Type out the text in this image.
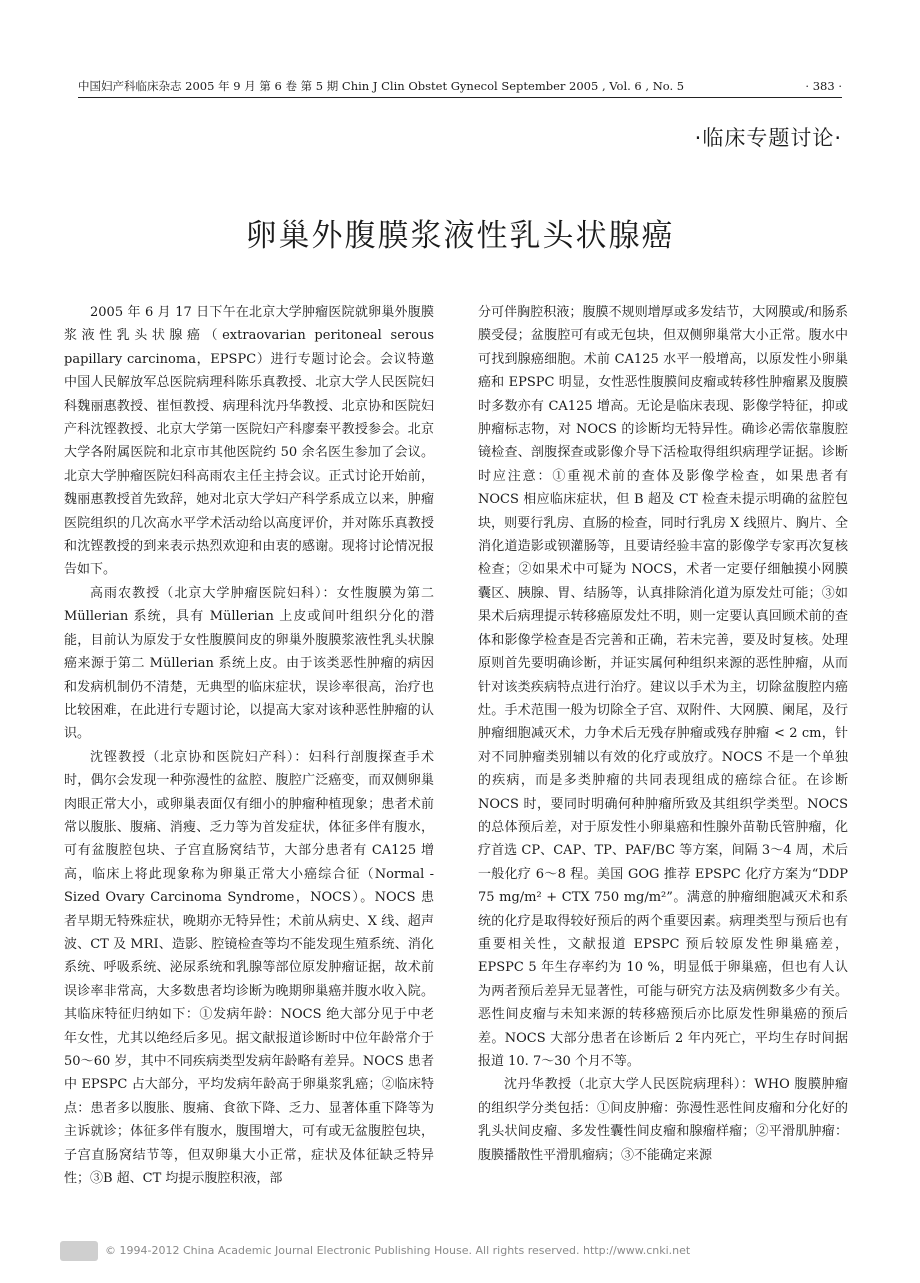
中国妇产科临床杂志 2005 年 9 月 第 6 卷 第 5 期 Chin J Clin Obstet Gynecol September 2005 , Vol. 6 , No. 5	· 383 ·

·临床专题讨论·
卵巢外腹膜浆液性乳头状腺癌

2005 年 6 月 17 日下午在北京大学肿瘤医院就卵巢外腹膜浆液性乳头状腺癌（extraovarian peritoneal serous papillary carcinoma，EPSPC）进行专题讨论会。会议特邀中国人民解放军总医院病理科陈乐真教授、北京大学人民医院妇科魏丽惠教授、崔恒教授、病理科沈丹华教授、北京协和医院妇产科沈铿教授、北京大学第一医院妇产科廖秦平教授参会。北京大学各附属医院和北京市其他医院约 50 余名医生参加了会议。北京大学肿瘤医院妇科高雨农主任主持会议。正式讨论开始前，魏丽惠教授首先致辞，她对北京大学妇产科学系成立以来，肿瘤医院组织的几次高水平学术活动给以高度评价，并对陈乐真教授和沈铿教授的到来表示热烈欢迎和由衷的感谢。现将讨论情况报告如下。

高雨农教授（北京大学肿瘤医院妇科）：女性腹膜为第二 Müllerian 系统，具有 Müllerian 上皮或间叶组织分化的潜能，目前认为原发于女性腹膜间皮的卵巢外腹膜浆液性乳头状腺癌来源于第二 Müllerian 系统上皮。由于该类恶性肿瘤的病因和发病机制仍不清楚，无典型的临床症状，误诊率很高，治疗也比较困难，在此进行专题讨论，以提高大家对该种恶性肿瘤的认识。

沈铿教授（北京协和医院妇产科）：妇科行剖腹探查手术时，偶尔会发现一种弥漫性的盆腔、腹腔广泛癌变，而双侧卵巢肉眼正常大小，或卵巢表面仅有细小的肿瘤种植现象；患者术前常以腹胀、腹痛、消瘦、乏力等为首发症状，体征多伴有腹水，可有盆腹腔包块、子宫直肠窝结节，大部分患者有 CA125 增高，临床上将此现象称为卵巢正常大小癌综合征（Normal - Sized Ovary Carcinoma Syndrome，NOCS）。NOCS 患者早期无特殊症状，晚期亦无特异性；术前从病史、X 线、超声波、CT 及 MRI、造影、腔镜检查等均不能发现生殖系统、消化系统、呼吸系统、泌尿系统和乳腺等部位原发肿瘤证据，故术前误诊率非常高，大多数患者均诊断为晚期卵巢癌并腹水收入院。其临床特征归纳如下：①发病年龄：NOCS 绝大部分见于中老年女性，尤其以绝经后多见。据文献报道诊断时中位年龄常介于 50～60 岁，其中不同疾病类型发病年龄略有差异。NOCS 患者中 EPSPC 占大部分，平均发病年龄高于卵巢浆乳癌；②临床特点：患者多以腹胀、腹痛、食欲下降、乏力、显著体重下降等为主诉就诊；体征多伴有腹水，腹围增大，可有或无盆腹腔包块，子宫直肠窝结节等，但双卵巢大小正常，症状及体征缺乏特异性；③B 超、CT 均提示腹腔积液，部

分可伴胸腔积液；腹膜不规则增厚或多发结节，大网膜或/和肠系膜受侵；盆腹腔可有或无包块，但双侧卵巢常大小正常。腹水中可找到腺癌细胞。术前 CA125 水平一般增高，以原发性小卵巢癌和 EPSPC 明显，女性恶性腹膜间皮瘤或转移性肿瘤累及腹膜时多数亦有 CA125 增高。无论是临床表现、影像学特征，抑或肿瘤标志物，对 NOCS 的诊断均无特异性。确诊必需依靠腹腔镜检查、剖腹探查或影像介导下活检取得组织病理学证据。诊断时应注意：①重视术前的查体及影像学检查，如果患者有 NOCS 相应临床症状，但 B 超及 CT 检查未提示明确的盆腔包块，则要行乳房、直肠的检查，同时行乳房 X 线照片、胸片、全消化道造影或钡灌肠等，且要请经验丰富的影像学专家再次复核检查；②如果术中可疑为 NOCS，术者一定要仔细触摸小网膜囊区、胰腺、胃、结肠等，认真排除消化道为原发灶可能；③如果术后病理提示转移癌原发灶不明，则一定要认真回顾术前的查体和影像学检查是否完善和正确，若未完善，要及时复核。处理原则首先要明确诊断，并证实属何种组织来源的恶性肿瘤，从而针对该类疾病特点进行治疗。建议以手术为主，切除盆腹腔内癌灶。手术范围一般为切除全子宫、双附件、大网膜、阑尾，及行肿瘤细胞减灭术，力争术后无残存肿瘤或残存肿瘤 < 2 cm，针对不同肿瘤类别辅以有效的化疗或放疗。NOCS 不是一个单独的疾病，而是多类肿瘤的共同表现组成的癌综合征。在诊断 NOCS 时，要同时明确何种肿瘤所致及其组织学类型。NOCS 的总体预后差，对于原发性小卵巢癌和性腺外苗勒氏管肿瘤，化疗首选 CP、CAP、TP、PAF/BC 等方案，间隔 3～4 周，术后一般化疗 6～8 程。美国 GOG 推荐 EPSPC 化疗方案为“DDP 75 mg/m² + CTX 750 mg/m²”。满意的肿瘤细胞减灭术和系统的化疗是取得较好预后的两个重要因素。病理类型与预后也有重要相关性，文献报道 EPSPC 预后较原发性卵巢癌差，EPSPC 5 年生存率约为 10 %，明显低于卵巢癌，但也有人认为两者预后差异无显著性，可能与研究方法及病例数多少有关。恶性间皮瘤与未知来源的转移癌预后亦比原发性卵巢癌的预后差。NOCS 大部分患者在诊断后 2 年内死亡，平均生存时间据报道 10. 7～30 个月不等。

沈丹华教授（北京大学人民医院病理科）：WHO 腹膜肿瘤的组织学分类包括：①间皮肿瘤：弥漫性恶性间皮瘤和分化好的乳头状间皮瘤、多发性囊性间皮瘤和腺瘤样瘤；②平滑肌肿瘤：腹膜播散性平滑肌瘤病；③不能确定来源

© 1994-2012 China Academic Journal Electronic Publishing House. All rights reserved. http://www.cnki.net
